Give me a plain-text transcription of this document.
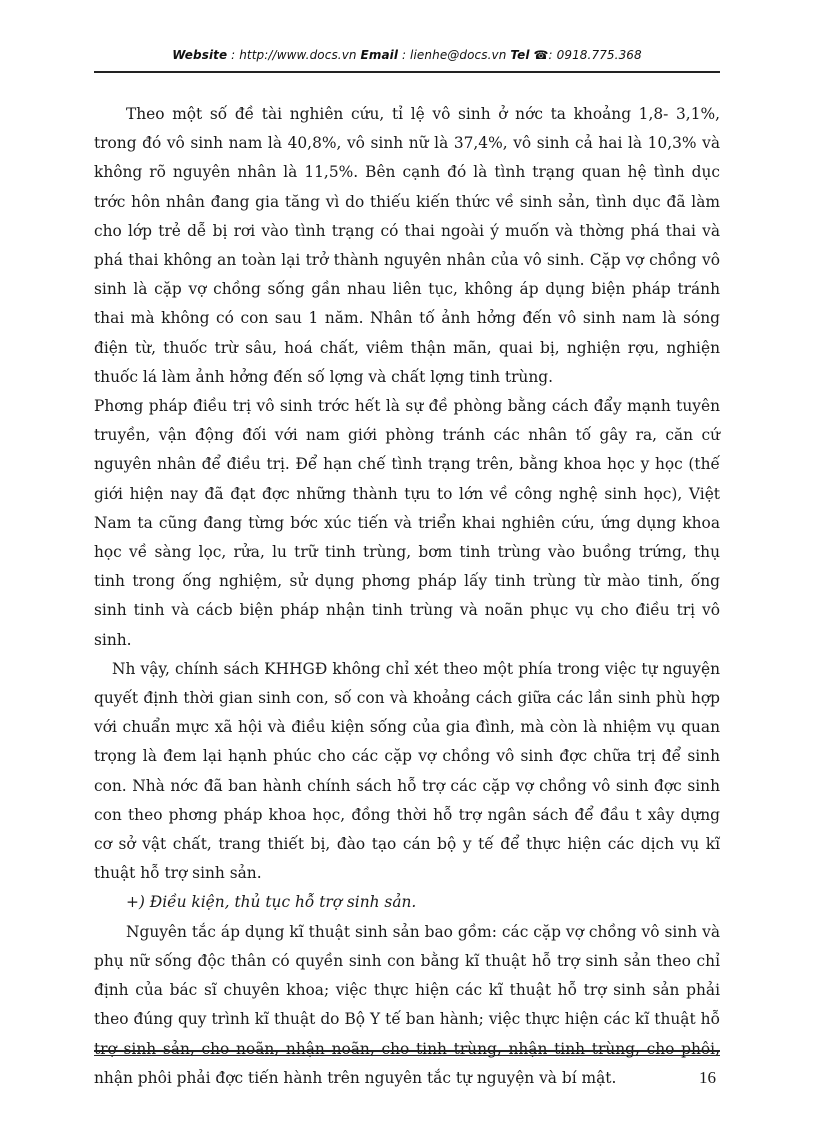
Website : http://www.docs.vn Email : lienhe@docs.vn Tel ☎: 0918.775.368

Theo một số đề tài nghiên cứu, tỉ lệ vô sinh ở nớc ta khoảng 1,8- 3,1%, trong đó vô sinh nam là 40,8%, vô sinh nữ là 37,4%, vô sinh cả hai là 10,3% và không rõ nguyên nhân là 11,5%. Bên cạnh đó là tình trạng quan hệ tình dục trớc hôn nhân đang gia tăng vì do thiếu kiến thức về sinh sản, tình dục đã làm cho lớp trẻ dễ bị rơi vào tình trạng có thai ngoài ý muốn và thờng phá thai và phá thai không an toàn lại trở thành nguyên nhân của vô sinh. Cặp vợ chồng vô sinh là cặp vợ chồng sống gần nhau liên tục, không áp dụng biện pháp tránh thai mà không có con sau 1 năm. Nhân tố ảnh hởng đến vô sinh nam là sóng điện từ, thuốc trừ sâu, hoá chất, viêm thận mãn, quai bị, nghiện rợu, nghiện thuốc lá làm ảnh hởng đến số lợng và chất lợng tinh trùng.

Phơng pháp điều trị vô sinh trớc hết là sự đề phòng bằng cách đẩy mạnh tuyên truyền, vận động đối với nam giới phòng tránh các nhân tố gây ra, căn cứ nguyên nhân để điều trị. Để hạn chế tình trạng trên, bằng khoa học y học (thế giới hiện nay đã đạt đợc những thành tựu to lớn về công nghệ sinh học), Việt Nam ta cũng đang từng bớc xúc tiến và triển khai nghiên cứu, ứng dụng khoa học về sàng lọc, rửa, lu trữ tinh trùng, bơm tinh trùng vào buồng trứng, thụ tinh trong ống nghiệm, sử dụng phơng pháp lấy tinh trùng từ mào tinh, ống sinh tinh và cácb biện pháp nhận tinh trùng và noãn phục vụ cho điều trị vô sinh.

Nh vậy, chính sách KHHGĐ không chỉ xét theo một phía trong việc tự nguyện quyết định thời gian sinh con, số con và khoảng cách giữa các lần sinh phù hợp với chuẩn mực xã hội và điều kiện sống của gia đình, mà còn là nhiệm vụ quan trọng là đem lại hạnh phúc cho các cặp vợ chồng vô sinh đợc chữa trị để sinh con. Nhà nớc đã ban hành chính sách hỗ trợ các cặp vợ chồng vô sinh đợc sinh con theo phơng pháp khoa học, đồng thời hỗ trợ ngân sách để đầu t xây dựng cơ sở vật chất, trang thiết bị, đào tạo cán bộ y tế để thực hiện các dịch vụ kĩ thuật hỗ trợ sinh sản.

+) Điều kiện, thủ tục hỗ trợ sinh sản.

Nguyên tắc áp dụng kĩ thuật sinh sản bao gồm: các cặp vợ chồng vô sinh và phụ nữ sống độc thân có quyền sinh con bằng kĩ thuật hỗ trợ sinh sản theo chỉ định của bác sĩ chuyên khoa; việc thực hiện các kĩ thuật hỗ trợ sinh sản phải theo đúng quy trình kĩ thuật do Bộ Y tế ban hành; việc thực hiện các kĩ thuật hỗ trợ sinh sản, cho noãn, nhận noãn, cho tinh trùng, nhận tinh trùng, cho phôi, nhận phôi phải đợc tiến hành trên nguyên tắc tự nguyện và bí mật.	16
